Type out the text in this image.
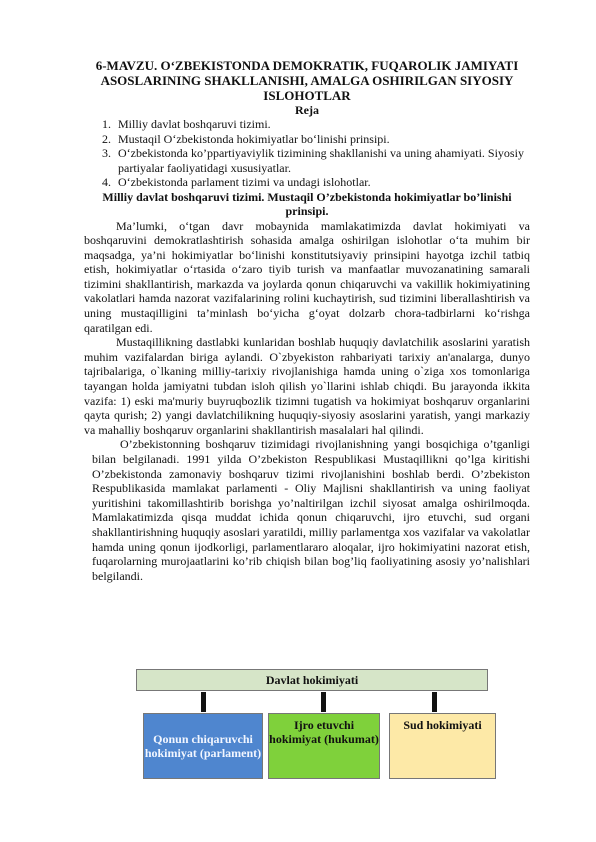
6-MAVZU. O‘ZBEKISTONDA DEMOKRATIK, FUQAROLIK JAMIYATI ASOSLARINING SHAKLLANISHI, AMALGA OSHIRILGAN SIYOSIY ISLOHOTLAR
Reja
1. Milliy davlat boshqaruvi tizimi.
2. Mustaqil O‘zbekistonda hokimiyatlar bo‘linishi prinsipi.
3. O‘zbekistonda ko’ppartiyaviylik tizimining shakllanishi va uning ahamiyati. Siyosiy partiyalar faoliyatidagi xususiyatlar.
4. O‘zbekistonda parlament tizimi va undagi islohotlar.
Milliy davlat boshqaruvi tizimi. Mustaqil O’zbekistonda hokimiyatlar bo’linishi prinsipi.

Ma’lumki, o‘tgan davr mobaynida mamlakatimizda davlat hokimiyati va boshqaruvini demokratlashtirish sohasida amalga oshirilgan islohotlar o‘ta muhim bir maqsadga, ya’ni hokimiyatlar bo‘linishi konstitutsiyaviy prinsipini hayotga izchil tatbiq etish, hokimiyatlar o‘rtasida o‘zaro tiyib turish va manfaatlar muvozanatining samarali tizimini shakllantirish, markazda va joylarda qonun chiqaruvchi va vakillik hokimiyatining vakolatlari hamda nazorat vazifalarining rolini kuchaytirish, sud tizimini liberallashtirish va uning mustaqilligini ta’minlash bo‘yicha g‘oyat dolzarb chora-tadbirlarni ko‘rishga qaratilgan edi.

Mustaqillikning dastlabki kunlaridan boshlab huquqiy davlatchilik asoslarini yaratish muhim vazifalardan biriga aylandi. O`zbyekiston rahbariyati tarixiy an'analarga, dunyo tajribalariga, o`lkaning milliy-tarixiy rivojlanishiga hamda uning o`ziga xos tomonlariga tayangan holda jamiyatni tubdan isloh qilish yo`llarini ishlab chiqdi. Bu jarayonda ikkita vazifa: 1) eski ma'muriy buyruqbozlik tizimni tugatish va hokimiyat boshqaruv organlarini qayta qurish; 2) yangi davlatchilikning huquqiy-siyosiy asoslarini yaratish, yangi markaziy va mahalliy boshqaruv organlarini shakllantirish masalalari hal qilindi.

O’zbekistonning boshqaruv tizimidagi rivojlanishning yangi bosqichiga o’tganligi bilan belgilanadi. 1991 yilda O’zbekiston Respublikasi Mustaqillikni qo’lga kiritishi O’zbekistonda zamonaviy boshqaruv tizimi rivojlanishini boshlab berdi. O’zbekiston Respublikasida mamlakat parlamenti - Oliy Majlisni shakllantirish va uning faoliyat yuritishini takomillashtirib borishga yo’naltirilgan izchil siyosat amalga oshirilmoqda. Mamlakatimizda qisqa muddat ichida qonun chiqaruvchi, ijro etuvchi, sud organi shakllantirishning huquqiy asoslari yaratildi, milliy parlamentga xos vazifalar va vakolatlar hamda uning qonun ijodkorligi, parlamentlararo aloqalar, ijro hokimiyatini nazorat etish, fuqarolarning murojaatlarini ko’rib chiqish bilan bog’liq faoliyatining asosiy yo’nalishlari belgilandi.

Davlat hokimiyati
Qonun chiqaruvchi hokimiyat (parlament)
Ijro etuvchi hokimiyat (hukumat)
Sud hokimiyati
